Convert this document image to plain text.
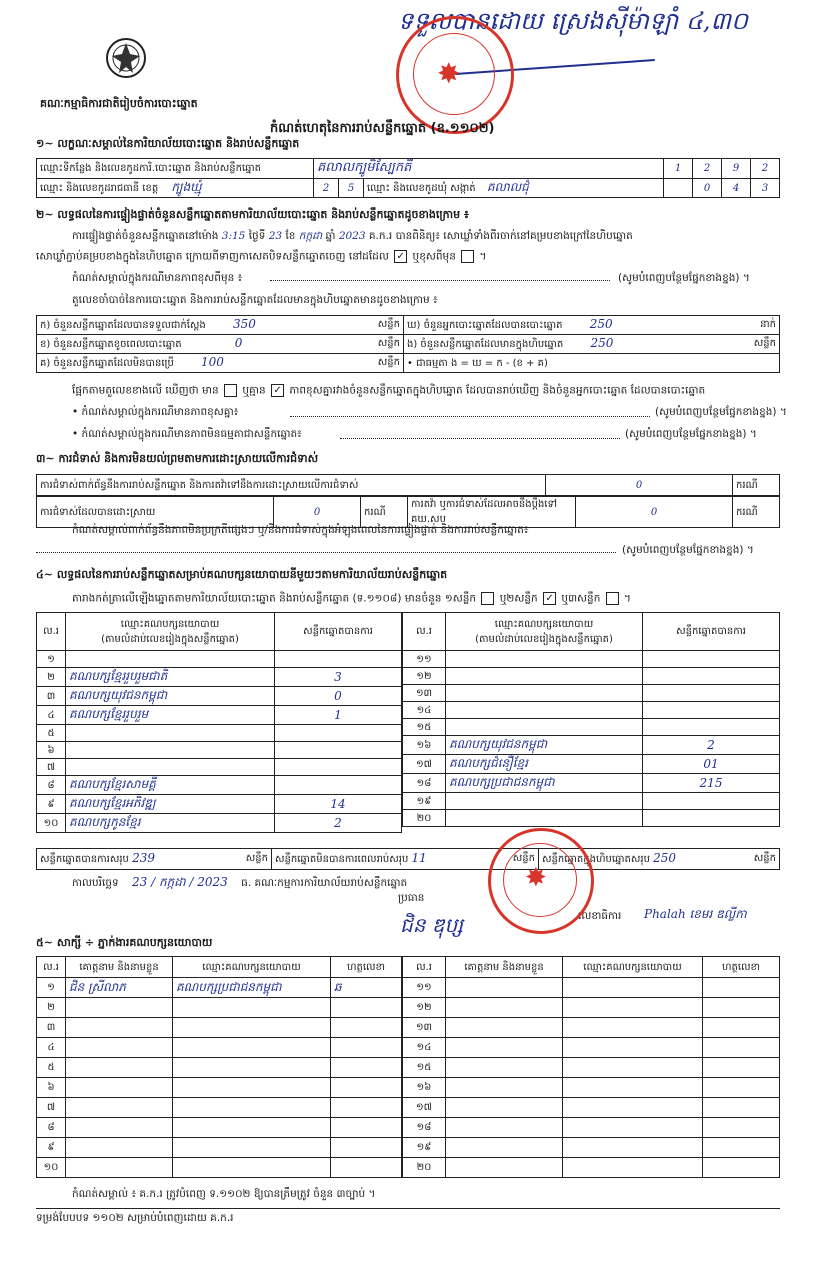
ទទួលបានដោយ ស្រេងស៊ីម៉ាឡាំ ៤,៣០
✸
គណៈកម្មាធិការជាតិរៀបចំការបោះឆ្នោត
កំណត់ហេតុនៃការរាប់សន្លឹកឆ្នោត (ឧ.១១០២)
១~ លក្ខណៈសម្គាល់នៃការិយាល័យបោះឆ្នោត និងរាប់សន្លឹកឆ្នោត
ឈ្មោះទីកន្លែង និងលេខកូដការិ.បោះឆ្នោត និងរាប់សន្លឹកឆ្នោត	គលាលក្បូមិស្បែកតី			1	2	9	2
ឈ្មោះ និងលេខកូដរាជធានី ខេត្ត ក្បូងឃ្មុំ	2	5	ឈ្មោះ និងលេខកូដឃុំ សង្កាត់ គលាលជុំ		0	4	3
២~ លទ្ធផលនៃការផ្ទៀងផ្ទាត់ចំនួនសន្លឹកឆ្នោតតាមការិយាល័យបោះឆ្នោត និងរាប់សន្លឹកឆ្នោតដូចខាងក្រោម ៖
ការផ្ទៀងផ្ទាត់ចំនួនសន្លឹកឆ្នោតនៅម៉ោង 3:15 ថ្ងៃទី 23 ខែ កក្កដា ឆ្នាំ 2023 គ.ក.រ បានពិនិត្យ៖ សោឃ្លាំទាំងពីរចាក់នៅគម្របខាងក្រៅនៃហិបឆ្នោត
សោឃ្លាំភ្ជាប់គម្របខាងក្នុងនៃហិបឆ្នោត ក្រោយពីទាញកាសេតបិទសន្លឹកឆ្នោតចេញ នៅដដែល ✓ ឬខុសពីមុន  ។
កំណត់សម្គាល់ក្នុងករណីមានភាពខុសពីមុន ៖	(សូមបំពេញបន្ថែមផ្នែកខាងខ្នង) ។
តួលេខចាំបាច់នៃការបោះឆ្នោត និងការរាប់សន្លឹកឆ្នោតដែលមានក្នុងហិបឆ្នោតមានដូចខាងក្រោម ៖
ក) ចំនួនសន្លឹកឆ្នោតដែលបានទទួលជាក់ស្តែង 350 សន្លឹក	ឃ) ចំនួនអ្នកបោះឆ្នោតដែលបានបោះឆ្នោត 250 នាក់

ខ) ចំនួនសន្លឹកឆ្នោតខូចពេលបោះឆ្នោត 0 សន្លឹក	ង) ចំនួនសន្លឹកឆ្នោតដែលមានក្នុងហិបឆ្នោត 250 សន្លឹក

គ) ចំនួនសន្លឹកឆ្នោតដែលមិនបានប្រើ 100 សន្លឹក	• ជាធម្មតា ង = ឃ = ក - (ខ + គ)
ផ្អែកតាមតួលេខខាងលើ ឃើញថា មាន ឬគ្មាន ✓ ភាពខុសគ្នារវាងចំនួនសន្លឹកឆ្នោតក្នុងហិបឆ្នោត ដែលបានរាប់ឃើញ និងចំនួនអ្នកបោះឆ្នោត ដែលបានបោះឆ្នោត
• កំណត់សម្គាល់ក្នុងករណីមានភាពខុសគ្នា៖	(សូមបំពេញបន្ថែមផ្នែកខាងខ្នង) ។
• កំណត់សម្គាល់ក្នុងករណីមានភាពមិនធម្មតាជាសន្លឹកឆ្នោត៖	(សូមបំពេញបន្ថែមផ្នែកខាងខ្នង) ។
៣~ ការជំទាស់ និងការមិនយល់ព្រមតាមការដោះស្រាយលើការជំទាស់
ការជំទាស់ពាក់ព័ន្ធនឹងការរាប់សន្លឹកឆ្នោត និងការតវ៉ាទៅនឹងការដោះស្រាយលើការជំទាស់	0	ករណី
ការជំទាស់ដែលបានដោះស្រាយ	0	ករណី	ការតវ៉ា ឬការជំទាស់ដែលអាចនឹងប្តឹងទៅ គឃ.សប	0	ករណី
កំណត់សម្គាល់ពាក់ព័ន្ធនឹងភាពមិនប្រក្រតីផ្សេងៗ ឬ/និងការជំទាស់ក្នុងអំឡុងពេលនៃការផ្ទៀងផ្ទាត់ និងការរាប់សន្លឹកឆ្នោត៖
(សូមបំពេញបន្ថែមផ្នែកខាងខ្នង) ។
៤~ លទ្ធផលនៃការរាប់សន្លឹកឆ្នោតសម្រាប់គណបក្សនយោបាយនីមួយៗតាមការិយាល័យរាប់សន្លឹកឆ្នោត
តារាងកត់ត្រាលើឡើងឆ្នោតតាមការិយាល័យបោះឆ្នោត និងរាប់សន្លឹកឆ្នោត (ទ.១១០៨) មានចំនួន ១សន្លឹក ឬ២សន្លឹក ✓ ឬ៣សន្លឹក  ។
ល.រ	ឈ្មោះគណបក្សនយោបាយ
(តាមលំដាប់លេខរៀងក្នុងសន្លឹកឆ្នោត)	សន្លឹកឆ្នោតបានការ
១		
២	គណបក្សខ្មែររួបរួមជាតិ	3
៣	គណបក្សយុវជនកម្ពុជា	0
៤	គណបក្សខ្មែររួបរួម	1
៥		
៦		
៧		
៨	គណបក្សខ្មែរសាមគ្គី	
៩	គណបក្សខ្មែរអភិវឌ្ឍ	14
១០	គណបក្សកូនខ្មែរ	2
ល.រ	ឈ្មោះគណបក្សនយោបាយ
(តាមលំដាប់លេខរៀងក្នុងសន្លឹកឆ្នោត)	សន្លឹកឆ្នោតបានការ
១១		
១២		
១៣		
១៤		
១៥		
១៦	គណបក្សយុវជនកម្ពុជា	2
១៧	គណបក្សជំនឿខ្មែរ	01
១៨	គណបក្សប្រជាជនកម្ពុជា	215
១៩		
២០		
សន្លឹកឆ្នោតបានការសរុប 239	សន្លឹក	សន្លឹកឆ្នោតមិនបានការពេលរាប់សរុប 11	សន្លឹក	សន្លឹកឆ្នោតក្នុងហិបឆ្នោតសរុប 250	សន្លឹក
កាលបរិច្ឆេទ 23 / កក្កដា / 2023 ធ. គណៈកម្មការការិយាល័យរាប់សន្លឹកឆ្នោត
ប្រធាន
ជិន ឌុប្ស	លេខាធិការ Phalah ខេមរ ឌល្លីកា
✸
៥~ សាក្សី ÷ ភ្នាក់ងារគណបក្សនយោបាយ
ល.រ	គោត្តនាម និងនាមខ្លួន	ឈ្មោះគណបក្សនយោបាយ	ហត្ថលេខា
១	ជិន ស្រីលាភ	គណបក្សប្រជាជនកម្ពុជា	ឆ
២			
៣			
៤			
៥			
៦			
៧			
៨			
៩			
១០			
ល.រ	គោត្តនាម និងនាមខ្លួន	ឈ្មោះគណបក្សនយោបាយ	ហត្ថលេខា
១១			
១២			
១៣			
១៤			
១៥			
១៦			
១៧			
១៨			
១៩			
២០			
កំណត់សម្គាល់ ៖ គ.ក.រ ត្រូវបំពេញ ទ.១១០២ ឱ្យបានត្រឹមត្រូវ ចំនួន ៣ច្បាប់ ។
ទម្រង់បែបបទ ១១០២ សម្រាប់បំពេញដោយ គ.ក.រ
